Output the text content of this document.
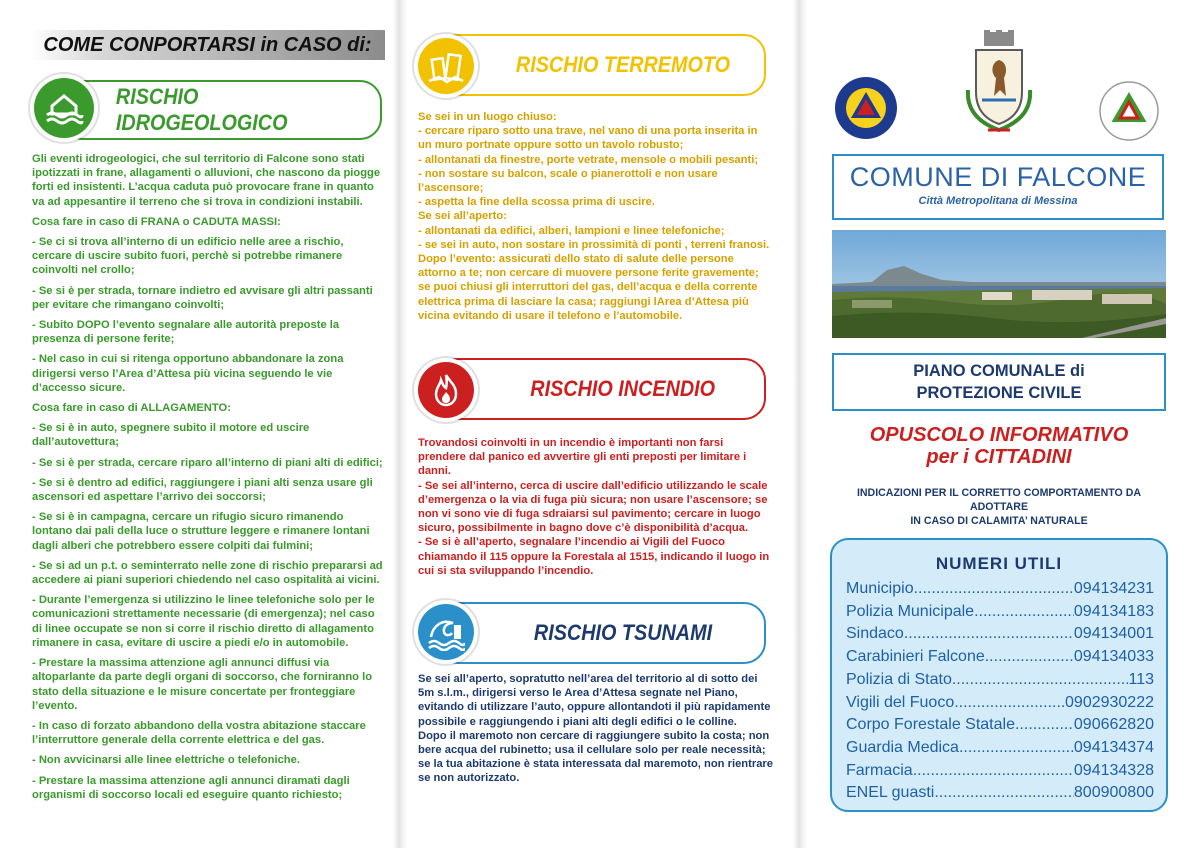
COME CONPORTARSI in CASO di:
RISCHIO IDROGEOLOGICO

Gli eventi idrogeologici, che sul territorio di Falcone sono stati ipotizzati in frane, allagamenti o alluvioni, che nascono da piogge forti ed insistenti. L’acqua caduta può provocare frane in quanto va ad appesantire il terreno che si trova in condizioni instabili.

Cosa fare in caso di FRANA o CADUTA MASSI:

- Se ci si trova all’interno di un edificio nelle aree a rischio, cercare di uscire subito fuori, perchè si potrebbe rimanere coinvolti nel crollo;

- Se si è per strada, tornare indietro ed avvisare gli altri passanti per evitare che rimangano coinvolti;

- Subito DOPO l’evento segnalare alle autorità preposte la presenza di persone ferite;

- Nel caso in cui si ritenga opportuno abbandonare la zona dirigersi verso l’Area d’Attesa più vicina seguendo le vie d’accesso sicure.

Cosa fare in caso di ALLAGAMENTO:

- Se si è in auto, spegnere subito il motore ed uscire dall’autovettura;

- Se si è per strada, cercare riparo all’interno di piani alti di edifici;

- Se si è dentro ad edifici, raggiungere i piani alti senza usare gli ascensori ed aspettare l’arrivo dei soccorsi;

- Se si è in campagna, cercare un rifugio sicuro rimanendo lontano dai pali della luce o strutture leggere e rimanere lontani dagli alberi che potrebbero essere colpiti dai fulmini;

- Se si ad un p.t. o seminterrato nelle zone di rischio prepararsi ad accedere ai piani superiori chiedendo nel caso ospitalità ai vicini.

- Durante l’emergenza si utilizzino le linee telefoniche solo per le comunicazioni strettamente necessarie (di emergenza); nel caso di linee occupate se non si corre il rischio diretto di allagamento rimanere in casa, evitare di uscire a piedi e/o in automobile.

- Prestare la massima attenzione agli annunci diffusi via altoparlante da parte degli organi di soccorso, che forniranno lo stato della situazione e le misure concertate per fronteggiare l’evento.

- In caso di forzato abbandono della vostra abitazione staccare l’interruttore generale della corrente elettrica e del gas.

- Non avvicinarsi alle linee elettriche o telefoniche.

- Prestare la massima attenzione agli annunci diramati dagli organismi di soccorso locali ed eseguire quanto richiesto;

RISCHIO TERREMOTO

Se sei in un luogo chiuso:

- cercare riparo sotto una trave, nel vano di una porta inserita in un muro portnate oppure sotto un tavolo robusto;

- allontanati da finestre, porte vetrate, mensole o mobili pesanti;

- non sostare su balcon, scale o pianerottoli e non usare l’ascensore;

- aspetta la fine della scossa prima di uscire.

Se sei all’aperto:

- allontanati da edifici, alberi, lampioni e linee telefoniche;

- se sei in auto, non sostare in prossimità di ponti , terreni franosi.

Dopo l’evento: assicurati dello stato di salute delle persone attorno a te; non cercare di muovere persone ferite gravemente; se puoi chiusi gli interruttori del gas, dell’acqua e della corrente elettrica prima di lasciare la casa; raggiungi lArea d’Attesa più vicina evitando di usare il telefono e l’automobile.

RISCHIO INCENDIO

Trovandosi coinvolti in un incendio è importanti non farsi prendere dal panico ed avvertire gli enti preposti per limitare i danni.

- Se sei all’interno, cerca di uscire dall’edificio utilizzando le scale d’emergenza o la via di fuga più sicura; non usare l’ascensore; se non vi sono vie di fuga sdraiarsi sul pavimento; cercare in luogo sicuro, possibilmente in bagno dove c’è disponibilità d’acqua.

- Se si è all’aperto, segnalare l’incendio ai Vigili del Fuoco chiamando il 115 oppure la Forestala al 1515, indicando il luogo in cui si sta sviluppando l’incendio.

RISCHIO TSUNAMI

Se sei all’aperto, sopratutto nell’area del territorio al di sotto dei 5m s.l.m., dirigersi verso le Area d’Attesa segnate nel Piano, evitando di utilizzare l’auto, oppure allontandoti il più rapidamente possibile e raggiungendo i piani alti degli edifici o le colline.

Dopo il maremoto non cercare di raggiungere subito la costa; non bere acqua del rubinetto; usa il cellulare solo per reale necessità; se la tua abitazione è stata interessata dal maremoto, non rientrare se non autorizzato.

COMUNE DI FALCONE
Città Metropolitana di Messina
PIANO COMUNALE di
PROTEZIONE CIVILE
OPUSCOLO INFORMATIVO
per i CITTADINI
INDICAZIONI PER IL CORRETTO COMPORTAMENTO DA ADOTTARE
IN CASO DI CALAMITA’ NATURALE
NUMERI UTILI
Municipio .....	094134231
Polizia Municipale .....	094134183
Sindaco .....	094134001
Carabinieri Falcone .....	094134033
Polizia di Stato .....	113
Vigili del Fuoco .....	0902930222
Corpo Forestale Statale .....	090662820
Guardia Medica .....	094134374
Farmacia .....	094134328
ENEL guasti .....	800900800
